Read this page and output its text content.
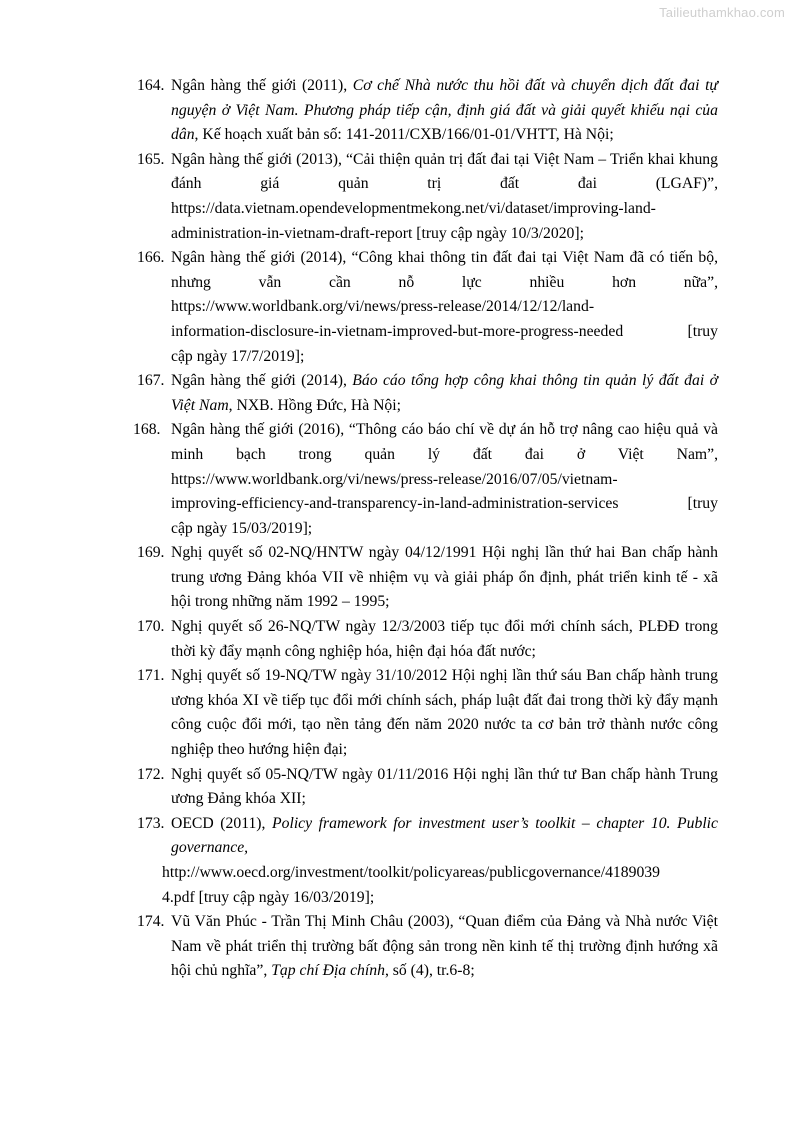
Tailieuthamkhao.com
164. Ngân hàng thế giới (2011), Cơ chế Nhà nước thu hồi đất và chuyển dịch đất đai tự nguyện ở Việt Nam. Phương pháp tiếp cận, định giá đất và giải quyết khiếu nại của dân, Kế hoạch xuất bản số: 141-2011/CXB/166/01-01/VHTT, Hà Nội;
165. Ngân hàng thế giới (2013), “Cải thiện quản trị đất đai tại Việt Nam – Triển khai khung đánh giá quản trị đất đai (LGAF)”,
https://data.vietnam.opendevelopmentmekong.net/vi/dataset/improving-land-
administration-in-vietnam-draft-report [truy cập ngày 10/3/2020];
166. Ngân hàng thế giới (2014), “Công khai thông tin đất đai tại Việt Nam đã có tiến bộ, nhưng vẫn cần nỗ lực nhiều hơn nữa”,
https://www.worldbank.org/vi/news/press-release/2014/12/12/land-
information-disclosure-in-vietnam-improved-but-more-progress-needed [truy
cập ngày 17/7/2019];
167. Ngân hàng thế giới (2014), Báo cáo tổng hợp công khai thông tin quản lý đất đai ở Việt Nam, NXB. Hồng Đức, Hà Nội;
168. Ngân hàng thế giới (2016), “Thông cáo báo chí về dự án hỗ trợ nâng cao hiệu quả và minh bạch trong quản lý đất đai ở Việt Nam”,
https://www.worldbank.org/vi/news/press-release/2016/07/05/vietnam-
improving-efficiency-and-transparency-in-land-administration-services [truy
cập ngày 15/03/2019];
169. Nghị quyết số 02-NQ/HNTW ngày 04/12/1991 Hội nghị lần thứ hai Ban chấp hành trung ương Đảng khóa VII về nhiệm vụ và giải pháp ổn định, phát triển kinh tế - xã hội trong những năm 1992 – 1995;
170. Nghị quyết số 26-NQ/TW ngày 12/3/2003 tiếp tục đổi mới chính sách, PLĐĐ trong thời kỳ đẩy mạnh công nghiệp hóa, hiện đại hóa đất nước;
171. Nghị quyết số 19-NQ/TW ngày 31/10/2012 Hội nghị lần thứ sáu Ban chấp hành trung ương khóa XI về tiếp tục đổi mới chính sách, pháp luật đất đai trong thời kỳ đẩy mạnh công cuộc đổi mới, tạo nền tảng đến năm 2020 nước ta cơ bản trở thành nước công nghiệp theo hướng hiện đại;
172. Nghị quyết số 05-NQ/TW ngày 01/11/2016 Hội nghị lần thứ tư Ban chấp hành Trung ương Đảng khóa XII;
173. OECD (2011), Policy framework for investment user’s toolkit – chapter 10. Public governance,
http://www.oecd.org/investment/toolkit/policyareas/publicgovernance/4189039
4.pdf [truy cập ngày 16/03/2019];
174. Vũ Văn Phúc - Trần Thị Minh Châu (2003), “Quan điểm của Đảng và Nhà nước Việt Nam về phát triển thị trường bất động sản trong nền kinh tế thị trường định hướng xã hội chủ nghĩa”, Tạp chí Địa chính, số (4), tr.6-8;
